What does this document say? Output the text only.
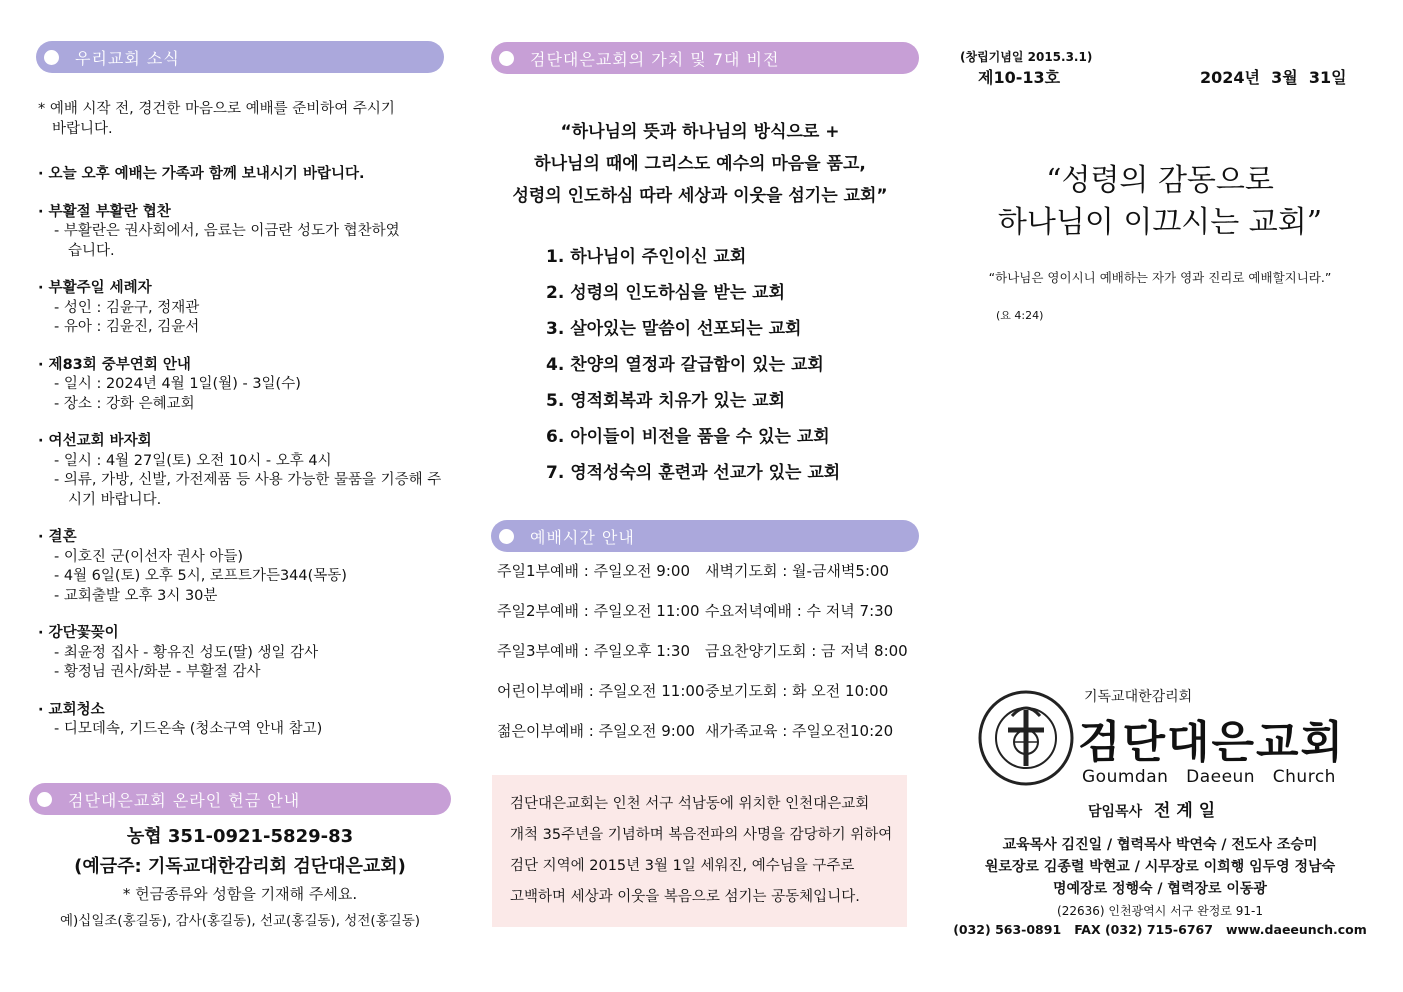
우리교회 소식
* 예배 시작 전, 경건한 마음으로 예배를 준비하여 주시기
바랍니다.
· 오늘 오후 예배는 가족과 함께 보내시기 바랍니다.
· 부활절 부활란 협찬
- 부활란은 권사회에서, 음료는 이금란 성도가 협찬하였습니다.
· 부활주일 세례자
- 성인 : 김윤구, 정재관
- 유아 : 김윤진, 김윤서
· 제83회 중부연회 안내
- 일시 : 2024년 4월 1일(월) - 3일(수)
- 장소 : 강화 은혜교회
· 여선교회 바자회
- 일시 : 4월 27일(토) 오전 10시 - 오후 4시
- 의류, 가방, 신발, 가전제품 등 사용 가능한 물품을 기증해 주시기 바랍니다.
· 결혼
- 이호진 군(이선자 권사 아들)
- 4월 6일(토) 오후 5시, 로프트가든344(목동)
- 교회출발 오후 3시 30분
· 강단꽃꽂이
- 최윤정 집사 - 황유진 성도(딸) 생일 감사
- 황정님 권사/화분 - 부활절 감사
· 교회청소
- 디모데속, 기드온속 (청소구역 안내 참고)
검단대은교회 온라인 헌금 안내
농협 351-0921-5829-83
(예금주: 기독교대한감리회 검단대은교회)
* 헌금종류와 성함을 기재해 주세요.
예)십일조(홍길동), 감사(홍길동), 선교(홍길동), 성전(홍길동)
검단대은교회의 가치 및 7대 비전
“하나님의 뜻과 하나님의 방식으로 +
하나님의 때에 그리스도 예수의 마음을 품고,
성령의 인도하심 따라 세상과 이웃을 섬기는 교회”
1. 하나님이 주인이신 교회
2. 성령의 인도하심을 받는 교회
3. 살아있는 말씀이 선포되는 교회
4. 찬양의 열정과 갈급함이 있는 교회
5. 영적회복과 치유가 있는 교회
6. 아이들이 비전을 품을 수 있는 교회
7. 영적성숙의 훈련과 선교가 있는 교회
예배시간 안내
주일1부예배 : 주일오전 9:00	새벽기도회 : 월-금새벽5:00
주일2부예배 : 주일오전 11:00 수요저녁예배 : 수 저녁 7:30
주일3부예배 : 주일오후 1:30	금요찬양기도회 : 금 저녁 8:00
어린이부예배 : 주일오전 11:00 중보기도회 : 화 오전 10:00
젊은이부예배 : 주일오전 9:00 새가족교육 : 주일오전10:20

검단대은교회는 인천 서구 석남동에 위치한 인천대은교회
개척 35주년을 기념하며 복음전파의 사명을 감당하기 위하여
검단 지역에 2015년 3월 1일 세워진, 예수님을 구주로
고백하며 세상과 이웃을 복음으로 섬기는 공동체입니다.

(창립기념일 2015.3.1)
제10-13호	2024년  3월  31일
“성령의 감동으로
하나님이 이끄시는 교회”
“하나님은 영이시니 예배하는 자가 영과 진리로 예배할지니라.”
(요 4:24)
기독교대한감리회
검단대은교회
Goumdan   Daeeun   Church
담임목사 전 계 일
교육목사 김진일 / 협력목사 박연숙 / 전도사 조승미
원로장로 김종렬 박현교 / 시무장로 이희행 임두영 정남숙
명예장로 정행숙 / 협력장로 이동광
(22636) 인천광역시 서구 완정로 91-1
(032) 563-0891   FAX (032) 715-6767   www.daeeunch.com
